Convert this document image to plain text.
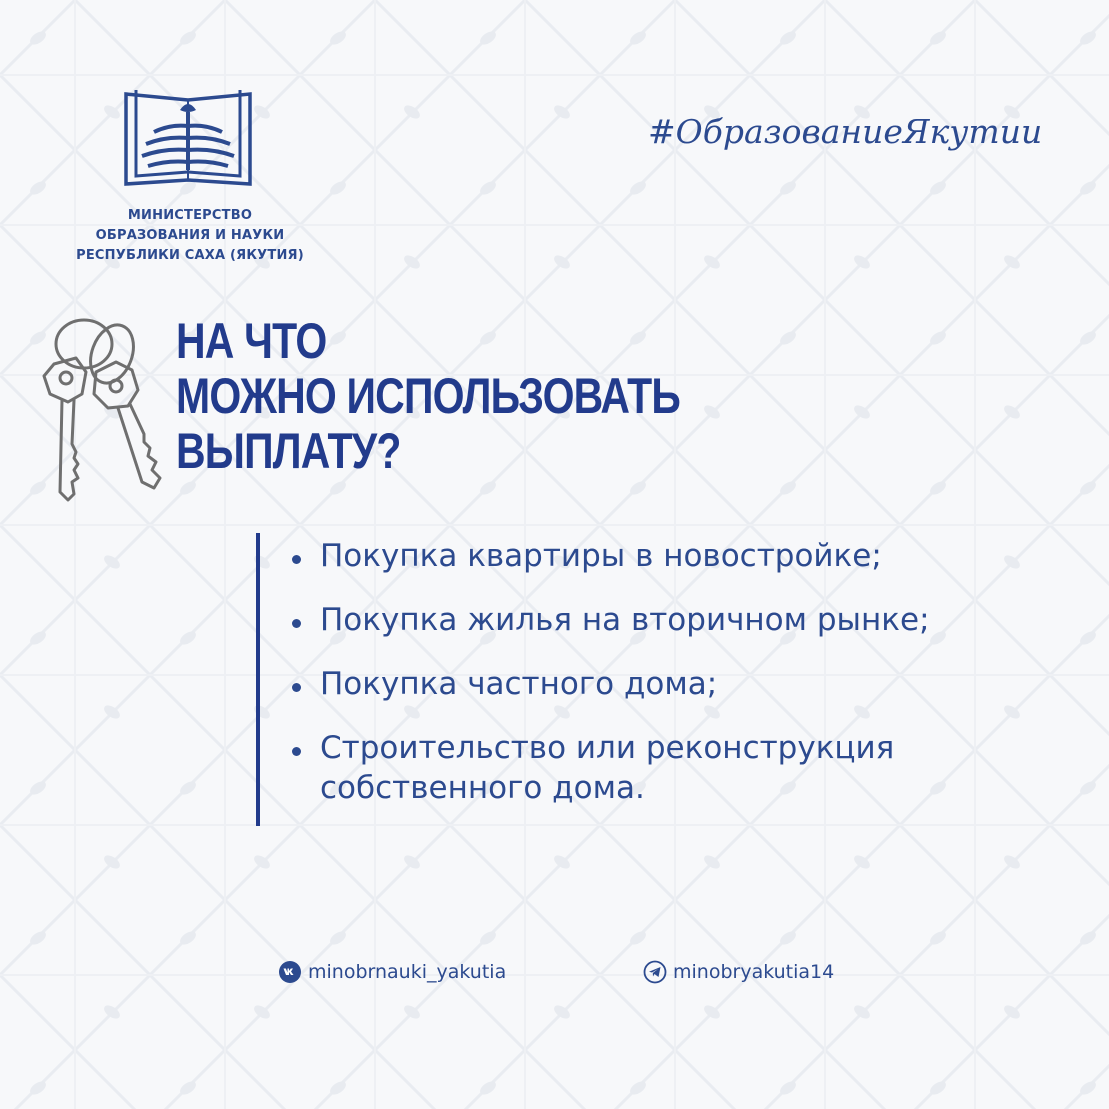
МИНИСТЕРСТВО
ОБРАЗОВАНИЯ И НАУКИ
РЕСПУБЛИКИ САХА (ЯКУТИЯ)
#ОбразованиеЯкутии
НА ЧТО
МОЖНО ИСПОЛЬЗОВАТЬ
ВЫПЛАТУ?
Покупка квартиры в новостройке;
Покупка жилья на вторичном рынке;
Покупка частного дома;
Строительство или реконструкция собственного дома.
minobrnauki_yakutia	minobryakutia14
